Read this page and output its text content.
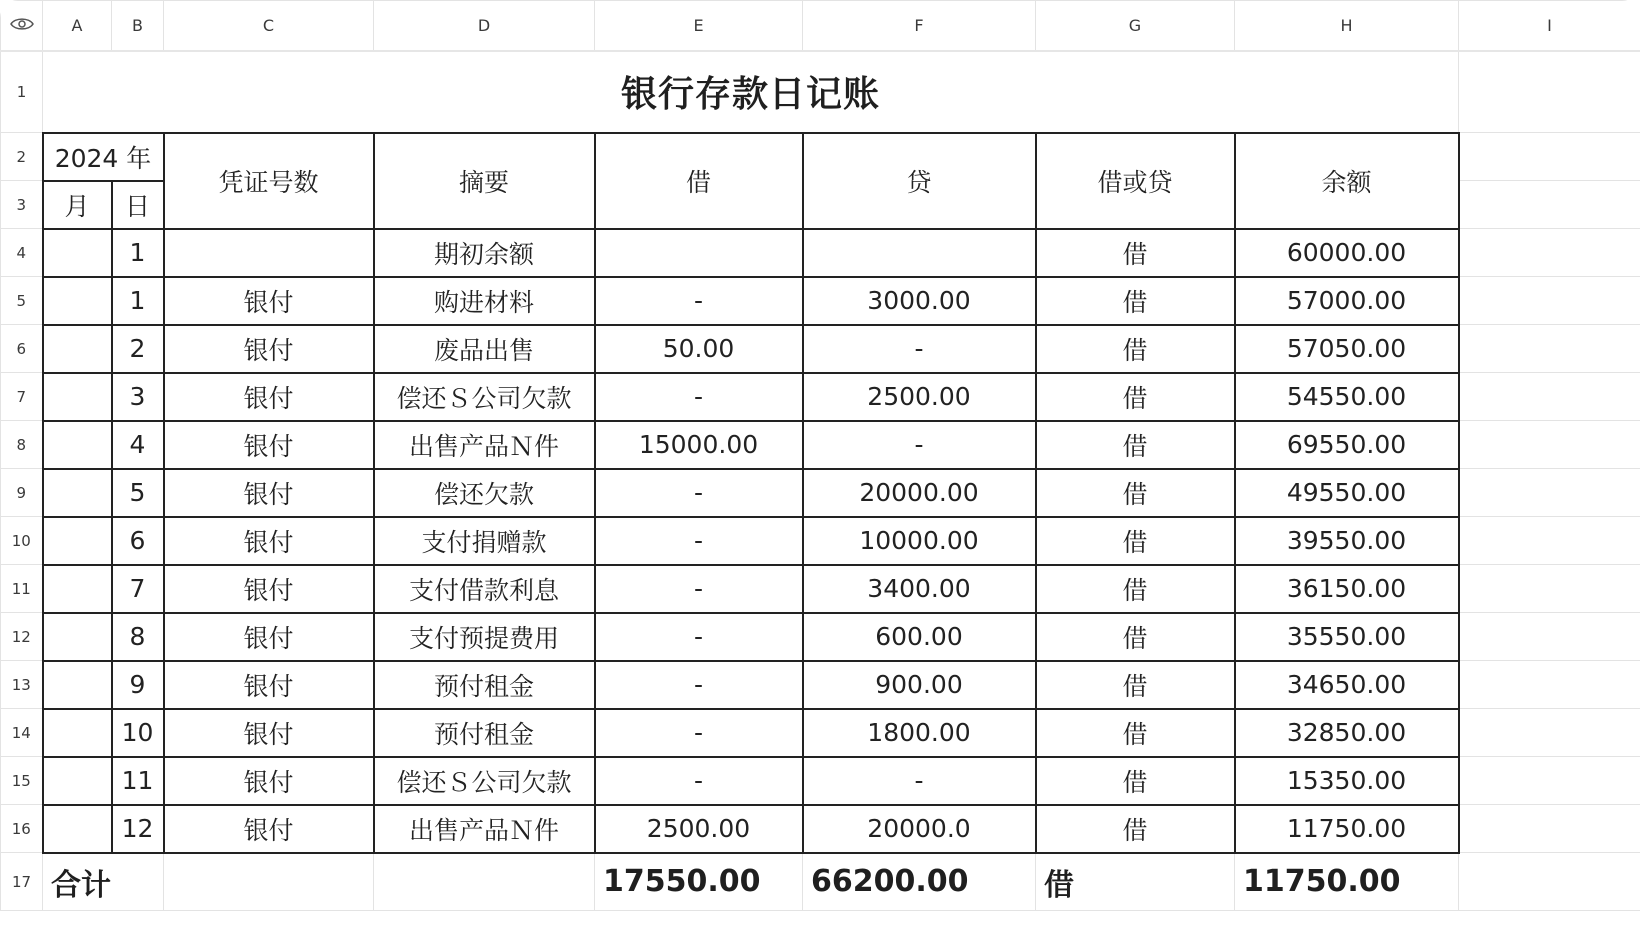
	A	B	C	D	E	F	G	H	I
1	银行存款日记账								
2	2024 年		凭证号数	摘要	借	贷	借或贷	余额	
3	月	日							
4		1		期初余额			借	60000.00	
5		1	银付	购进材料	-	3000.00	借	57000.00	
6		2	银付	废品出售	50.00	-	借	57050.00	
7		3	银付	偿还Ｓ公司欠款	-	2500.00	借	54550.00	
8		4	银付	出售产品Ｎ件	15000.00	-	借	69550.00	
9		5	银付	偿还欠款	-	20000.00	借	49550.00	
10		6	银付	支付捐赠款	-	10000.00	借	39550.00	
11		7	银付	支付借款利息	-	3400.00	借	36150.00	
12		8	银付	支付预提费用	-	600.00	借	35550.00	
13		9	银付	预付租金	-	900.00	借	34650.00	
14		10	银付	预付租金	-	1800.00	借	32850.00	
15		11	银付	偿还Ｓ公司欠款	-	-	借	15350.00	
16		12	银付	出售产品Ｎ件	2500.00	20000.0	借	11750.00	
17	合计				17550.00	66200.00	借	11750.00	
